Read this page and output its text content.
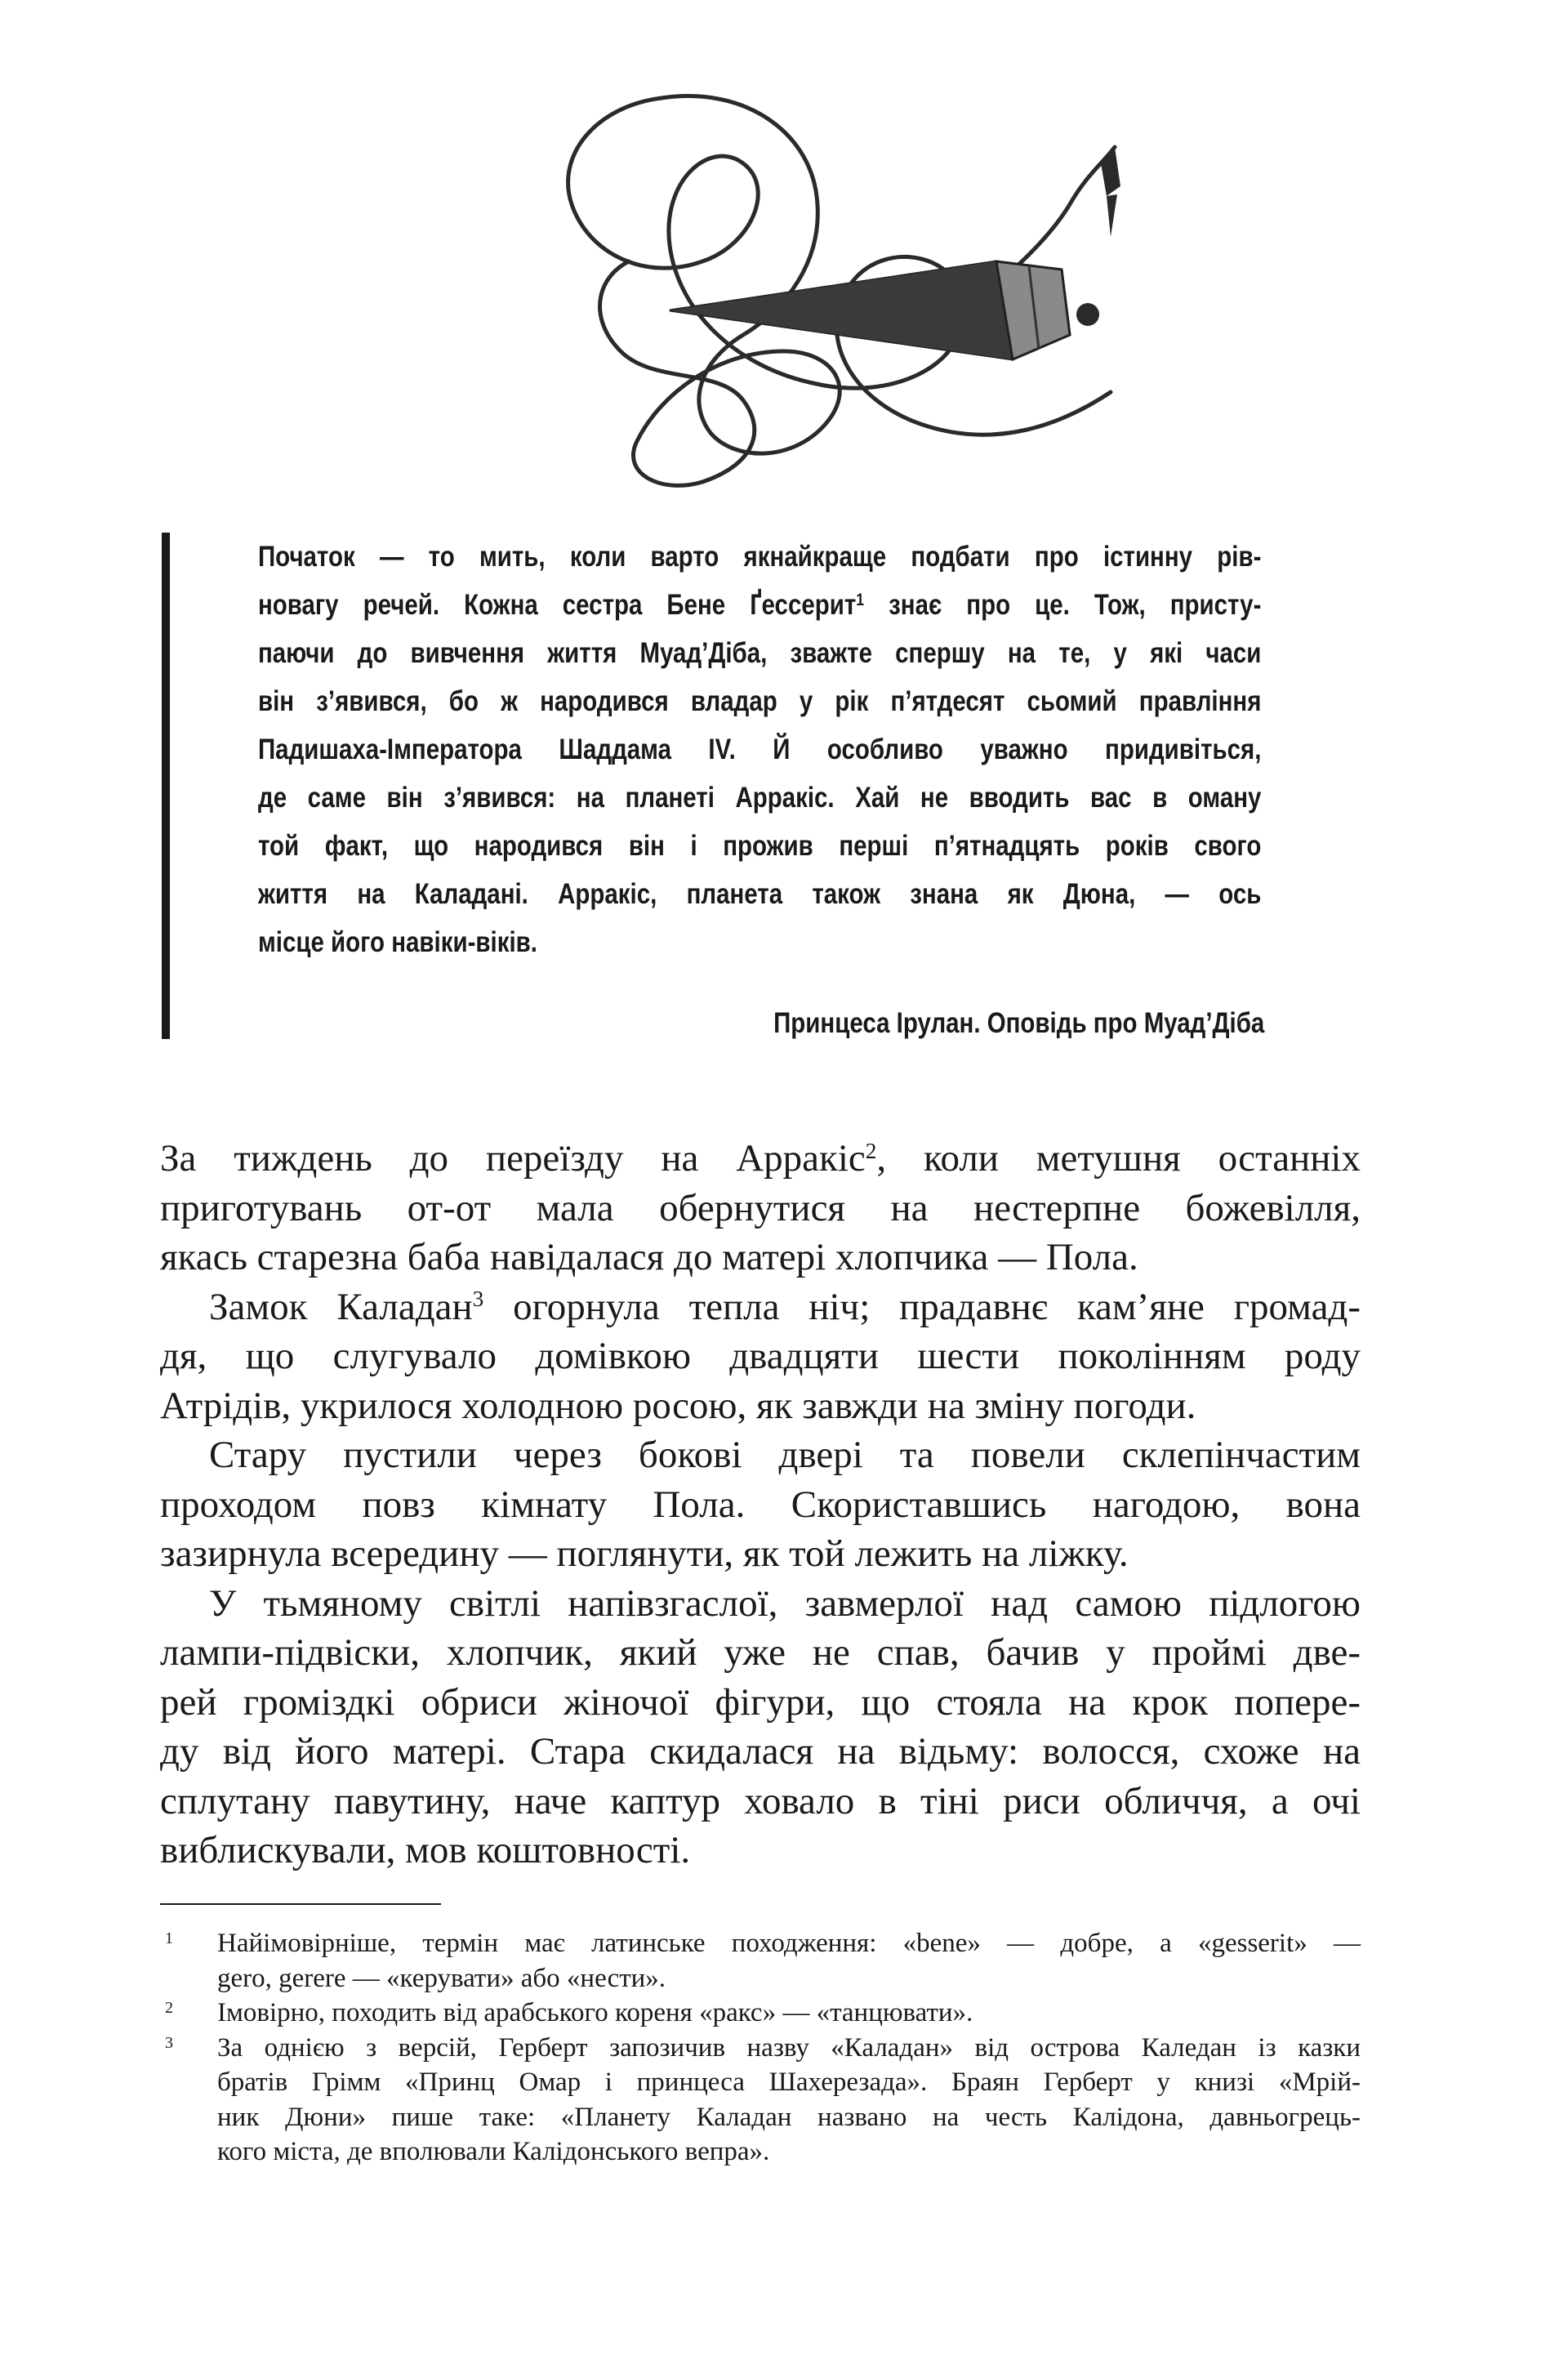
Початок — то мить, коли варто якнайкраще подбати про істинну рів-
новагу речей. Кожна сестра Бене Ґессерит$^1$ знає про це. Тож, присту-
паючи до вивчення життя Муад’Діба, зважте спершу на те, у які часи
він з’явився, бо ж народився владар у рік п’ятдесят сьомий правління
Падишаха-Імператора Шаддама IV. Й особливо уважно придивіться,
де саме він з’явився: на планеті Арракіс. Хай не вводить вас в оману
той факт, що народився він і прожив перші п’ятнадцять років свого
життя на Каладані. Арракіс, планета також знана як Дюна, — ось
місце його навіки-віків.
Принцеса Ірулан. Оповідь про Муад’Діба
За тиждень до переїзду на Арракіс$^2$, коли метушня останніх
приготувань от-от мала обернутися на нестерпне божевілля,
якась старезна баба навідалася до матері хлопчика — Пола.
Замок Каладан$^3$ огорнула тепла ніч; прадавнє кам’яне громад-
дя, що слугувало домівкою двадцяти шести поколінням роду
Атрідів, укрилося холодною росою, як завжди на зміну погоди.
Стару пустили через бокові двері та повели склепінчастим
проходом повз кімнату Пола. Скориставшись нагодою, вона
зазирнула всередину — поглянути, як той лежить на ліжку.
У тьмяному світлі напівзгаслої, завмерлої над самою підлогою
лампи-підвіски, хлопчик, який уже не спав, бачив у проймі две-
рей громіздкі обриси жіночої фігури, що стояла на крок попере-
ду від його матері. Стара скидалася на відьму: волосся, схоже на
сплутану павутину, наче каптур ховало в тіні риси обличчя, а очі
виблискували, мов коштовності.
1 Найімовірніше, термін має латинське походження: «bene» — добре, а «gesserit» —
gero, gerere — «керувати» або «нести».
2 Імовірно, походить від арабського кореня «ракс» — «танцювати».
3 За однією з версій, Герберт запозичив назву «Каладан» від острова Каледан із казки
братів Грімм «Принц Омар і принцеса Шахерезада». Браян Герберт у книзі «Мрій-
ник Дюни» пише таке: «Планету Каладан названо на честь Калідона, давньогрець-
кого міста, де вполювали Калідонського вепра».
